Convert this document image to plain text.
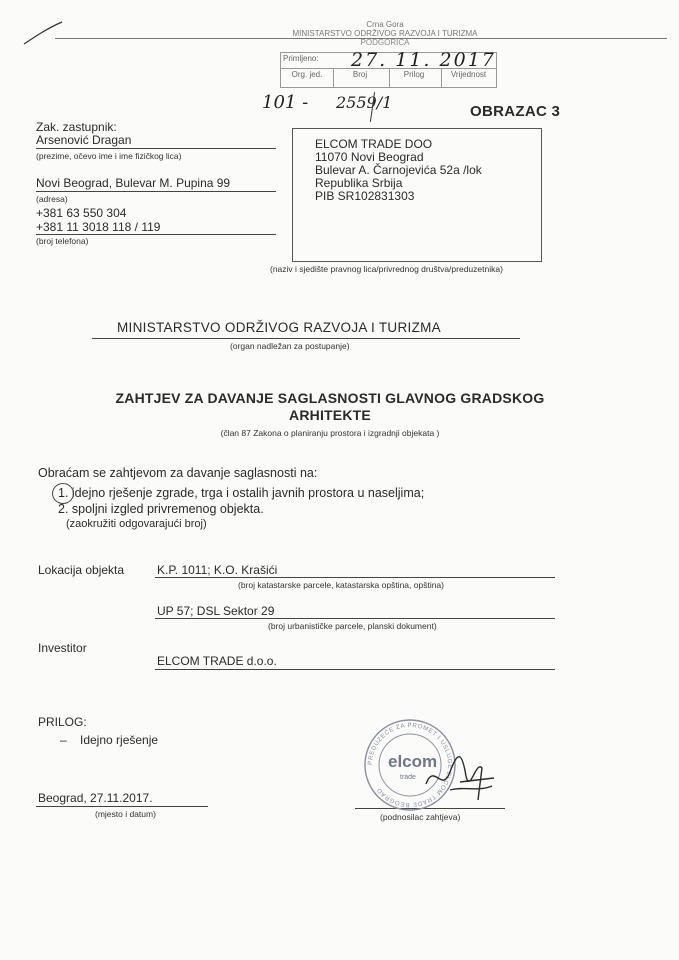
Crna Gora
MINISTARSTVO ODRŽIVOG RAZVOJA I TURIZMA
PODGORICA
Primljeno: 27. 11. 2017
Org. jed.	Broj	Prilog	Vrijednost
101 - 2559/1	OBRAZAC 3
Zak. zastupnik:
Arsenović Dragan
(prezime, očevo ime i ime fizičkog lica)
Novi Beograd, Bulevar M. Pupina 99
(adresa)
+381 63 550 304
+381 11 3018 118 / 119
(broj telefona)
ELCOM TRADE DOO
11070 Novi Beograd
Bulevar A. Čarnojevića 52a /lok
Republika Srbija
PIB SR102831303
(naziv i sjedište pravnog lica/privrednog društva/preduzetnika)
MINISTARSTVO ODRŽIVOG RAZVOJA I TURIZMA
(organ nadležan za postupanje)
ZAHTJEV ZA DAVANJE SAGLASNOSTI GLAVNOG GRADSKOG
ARHITEKTE
(član 87 Zakona o planiranju prostora i izgradnji objekata )
Obraćam se zahtjevom za davanje saglasnosti na:
1. idejno rješenje zgrade, trga i ostalih javnih prostora u naseljima;
2. spoljni izgled privremenog objekta.
(zaokružiti odgovarajući broj)
Lokacija objekta	K.P. 1011; K.O. Krašići
(broj katastarske parcele, katastarska opština, opština)
UP 57; DSL Sektor 29
(broj urbanističke parcele, planski dokument)
Investitor
ELCOM TRADE d.o.o.
PRILOG:
– Idejno rješenje
Beograd, 27.11.2017.
(mjesto i datum)	(podnosilac zahtjeva)
PREDUZEĆE ZA PROMET I USLUGE ELCOM TRADE BEOGRAD
elcom
trade
